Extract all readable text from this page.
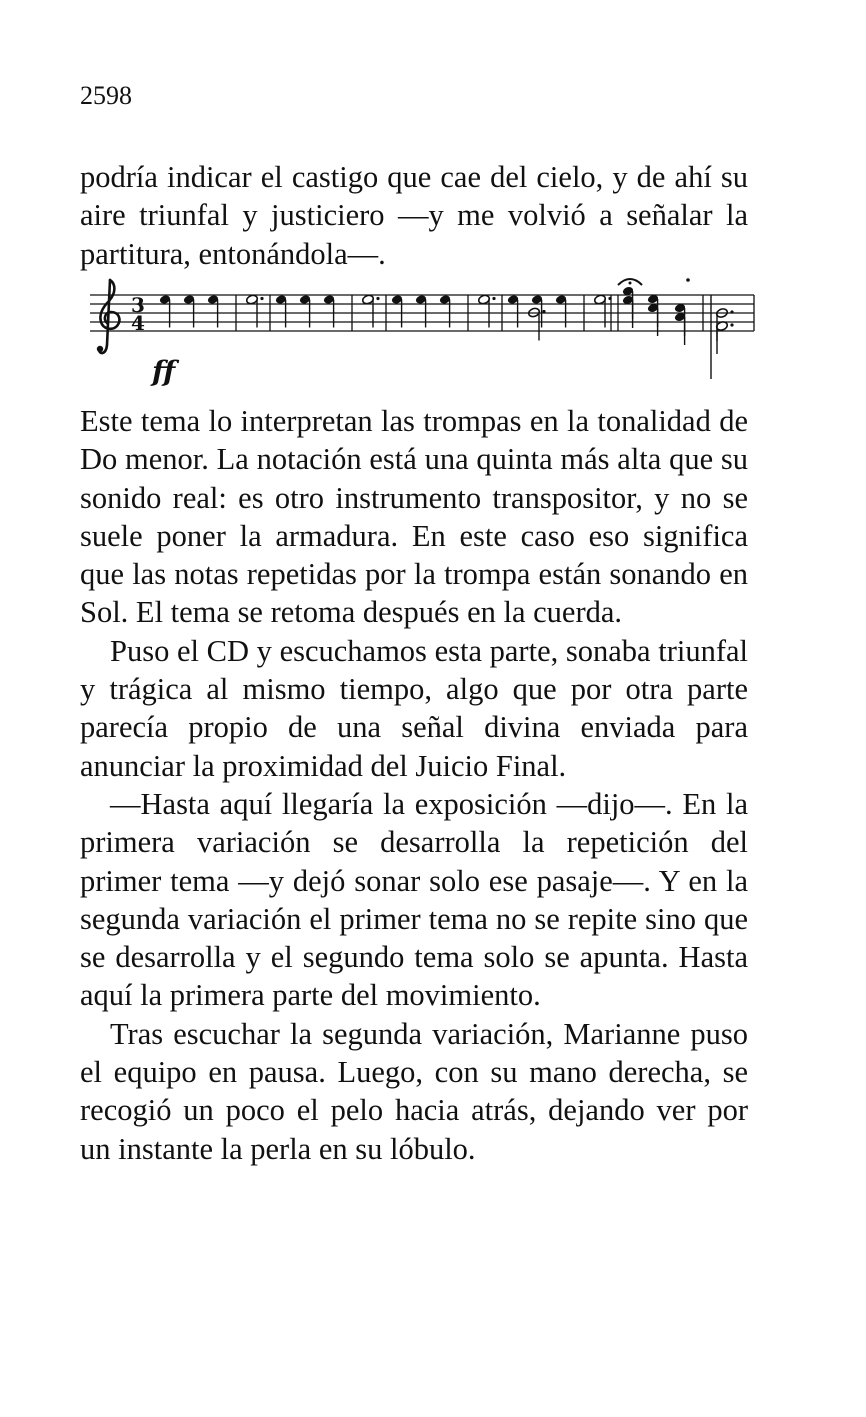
2598

podría indicar el castigo que cae del cielo, y de ahí su aire triunfal y justiciero —y me volvió a señalar la partitura, entonándola—.

3
4
ff

Este tema lo interpretan las trompas en la tonalidad de Do menor. La notación está una quinta más alta que su sonido real: es otro instrumento transpositor, y no se suele poner la armadura. En este caso eso significa que las notas repetidas por la trompa están sonando en Sol. El tema se retoma después en la cuerda.

Puso el CD y escuchamos esta parte, sonaba triunfal y trágica al mismo tiempo, algo que por otra parte parecía propio de una señal divina enviada para anunciar la proximidad del Juicio Final.

—Hasta aquí llegaría la exposición —dijo—. En la primera variación se desarrolla la repetición del primer tema —y dejó sonar solo ese pasaje—. Y en la segunda variación el primer tema no se repite sino que se desarrolla y el segundo tema solo se apunta. Hasta aquí la primera parte del movimiento.

Tras escuchar la segunda variación, Marianne puso el equipo en pausa. Luego, con su mano derecha, se recogió un poco el pelo hacia atrás, dejando ver por un instante la perla en su lóbulo.
